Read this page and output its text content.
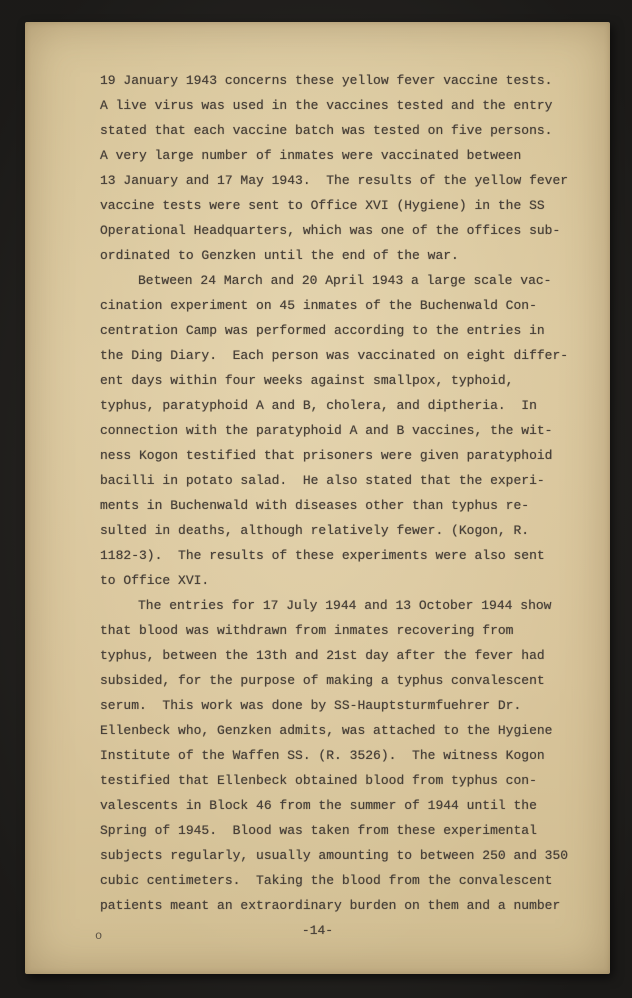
19 January 1943 concerns these yellow fever vaccine tests.
A live virus was used in the vaccines tested and the entry
stated that each vaccine batch was tested on five persons.
A very large number of inmates were vaccinated between
13 January and 17 May 1943.  The results of the yellow fever
vaccine tests were sent to Office XVI (Hygiene) in the SS
Operational Headquarters, which was one of the offices sub-
ordinated to Genzken until the end of the war.
Between 24 March and 20 April 1943 a large scale vac-
cination experiment on 45 inmates of the Buchenwald Con-
centration Camp was performed according to the entries in
the Ding Diary.  Each person was vaccinated on eight differ-
ent days within four weeks against smallpox, typhoid,
typhus, paratyphoid A and B, cholera, and diptheria.  In
connection with the paratyphoid A and B vaccines, the wit-
ness Kogon testified that prisoners were given paratyphoid
bacilli in potato salad.  He also stated that the experi-
ments in Buchenwald with diseases other than typhus re-
sulted in deaths, although relatively fewer. (Kogon, R.
1182-3).  The results of these experiments were also sent
to Office XVI.
The entries for 17 July 1944 and 13 October 1944 show
that blood was withdrawn from inmates recovering from
typhus, between the 13th and 21st day after the fever had
subsided, for the purpose of making a typhus convalescent
serum.  This work was done by SS-Hauptsturmfuehrer Dr.
Ellenbeck who, Genzken admits, was attached to the Hygiene
Institute of the Waffen SS. (R. 3526).  The witness Kogon
testified that Ellenbeck obtained blood from typhus con-
valescents in Block 46 from the summer of 1944 until the
Spring of 1945.  Blood was taken from these experimental
subjects regularly, usually amounting to between 250 and 350
cubic centimeters.  Taking the blood from the convalescent
patients meant an extraordinary burden on them and a number
-14-
o
